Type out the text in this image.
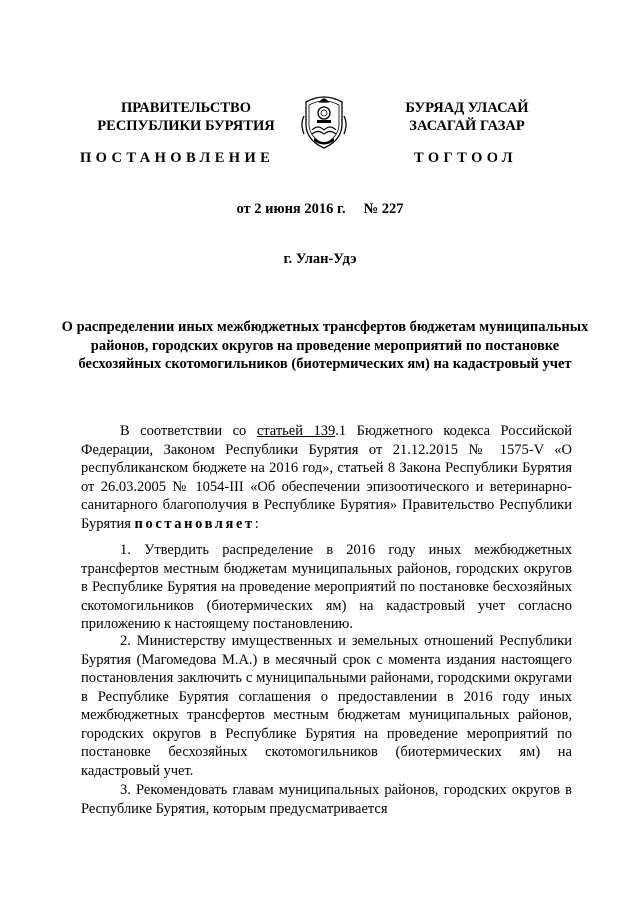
ПРАВИТЕЛЬСТВО
РЕСПУБЛИКИ БУРЯТИЯ
БУРЯАД УЛАСАЙ
ЗАСАГАЙ ГАЗАР
ПОСТАНОВЛЕНИЕ	ТОГТООЛ
от 2 июня 2016 г. № 227
г. Улан-Удэ
О распределении иных межбюджетных трансфертов бюджетам муниципальных районов, городских округов на проведение мероприятий по постановке бесхозяйных скотомогильников (биотермических ям) на кадастровый учет
В соответствии со статьей 139.1 Бюджетного кодекса Российской Федерации, Законом Республики Бурятия от 21.12.2015 № 1575-V «О республиканском бюджете на 2016 год», статьей 8 Закона Республики Бурятия от 26.03.2005 № 1054-III «Об обеспечении эпизоотического и ветеринарно-санитарного благополучия в Республике Бурятия» Правительство Республики Бурятия постановляет:
1. Утвердить распределение в 2016 году иных межбюджетных трансфертов местным бюджетам муниципальных районов, городских округов в Республике Бурятия на проведение мероприятий по постановке бесхозяйных скотомогильников (биотермических ям) на кадастровый учет согласно приложению к настоящему постановлению.
2. Министерству имущественных и земельных отношений Республики Бурятия (Магомедова М.А.) в месячный срок с момента издания настоящего постановления заключить с муниципальными районами, городскими округами в Республике Бурятия соглашения о предоставлении в 2016 году иных межбюджетных трансфертов местным бюджетам муниципальных районов, городских округов в Республике Бурятия на проведение мероприятий по постановке бесхозяйных скотомогильников (биотермических ям) на кадастровый учет.
3. Рекомендовать главам муниципальных районов, городских округов в Республике Бурятия, которым предусматривается
